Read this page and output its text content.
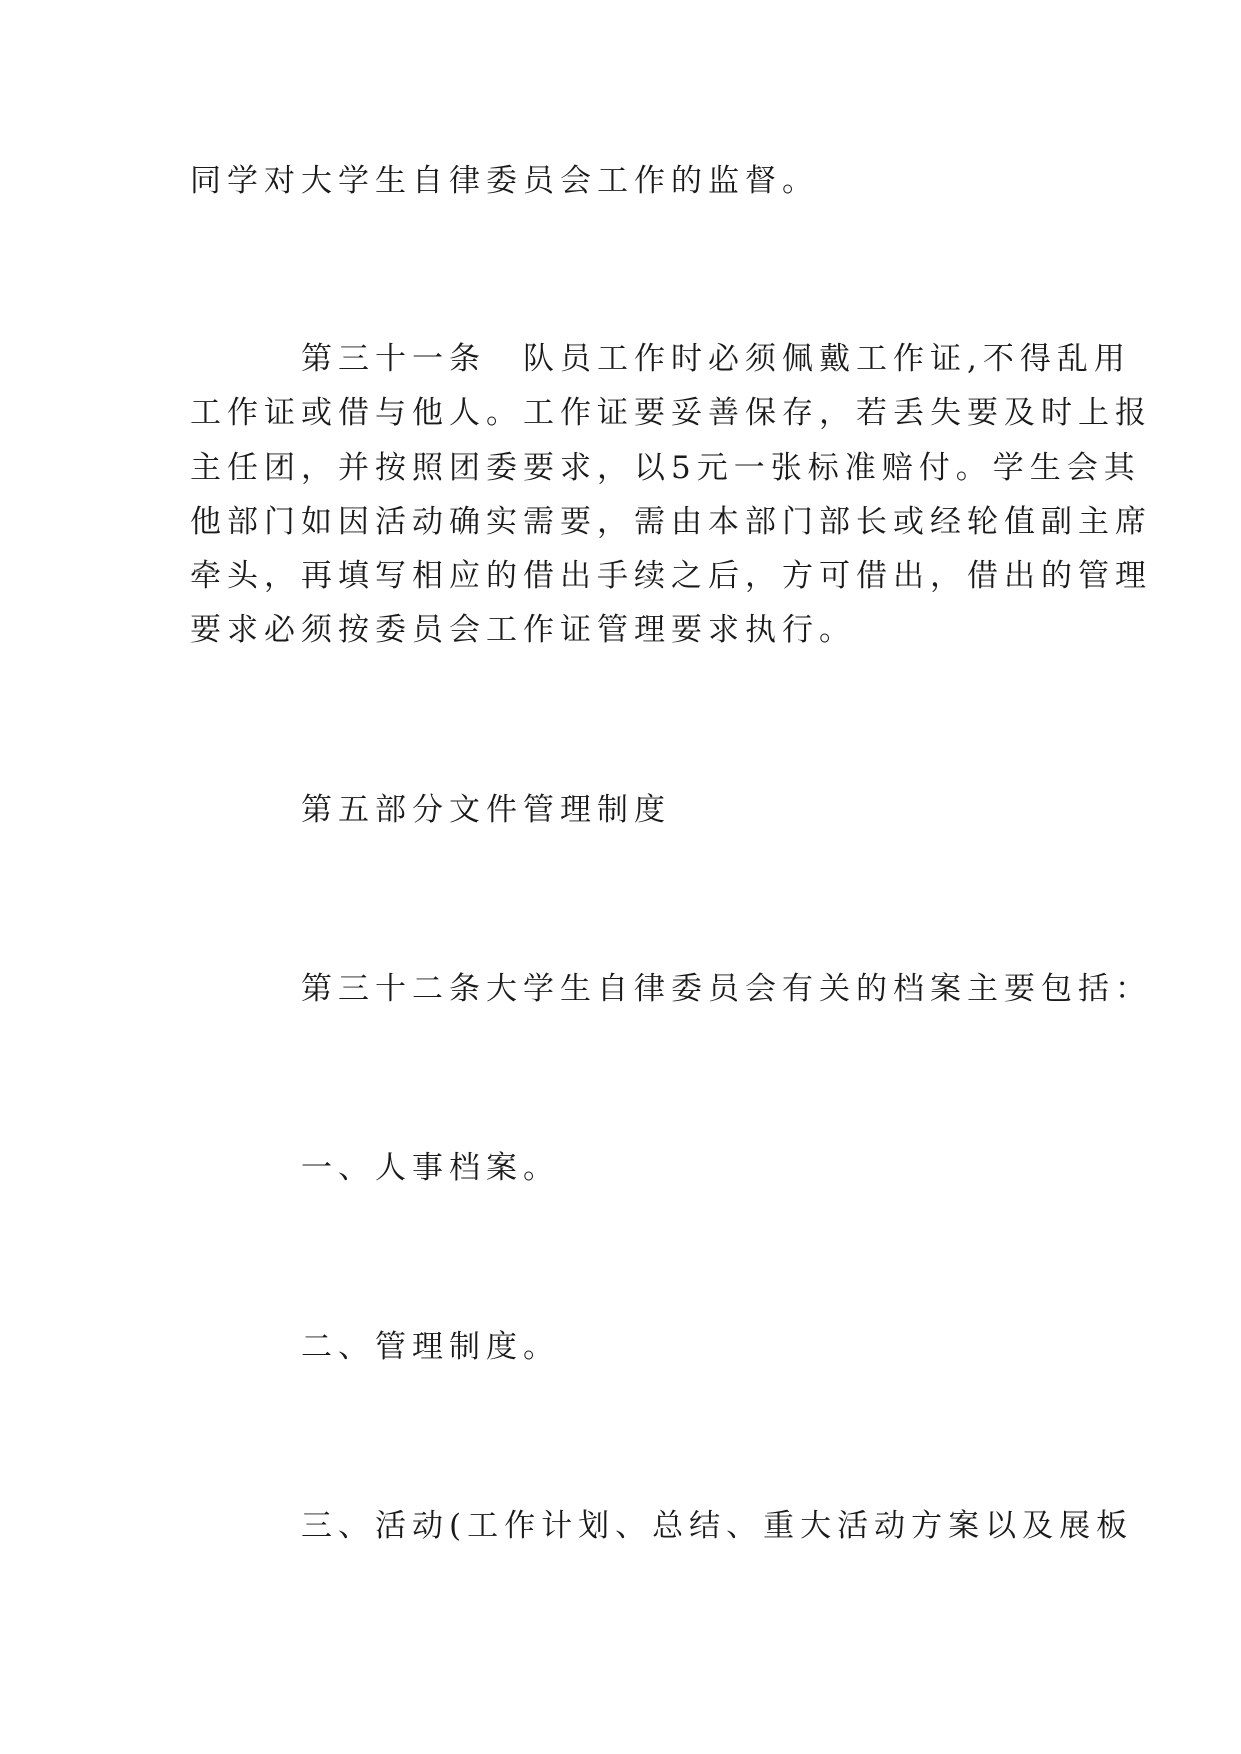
同学对大学生自律委员会工作的监督。
第三十一条　队员工作时必须佩戴工作证,不得乱用
工作证或借与他人。工作证要妥善保存，若丢失要及时上报
主任团，并按照团委要求，以5元一张标准赔付。学生会其
他部门如因活动确实需要，需由本部门部长或经轮值副主席
牵头，再填写相应的借出手续之后，方可借出，借出的管理
要求必须按委员会工作证管理要求执行。
第五部分文件管理制度
第三十二条大学生自律委员会有关的档案主要包括：
一、人事档案。
二、管理制度。
三、活动(工作计划、总结、重大活动方案以及展板
